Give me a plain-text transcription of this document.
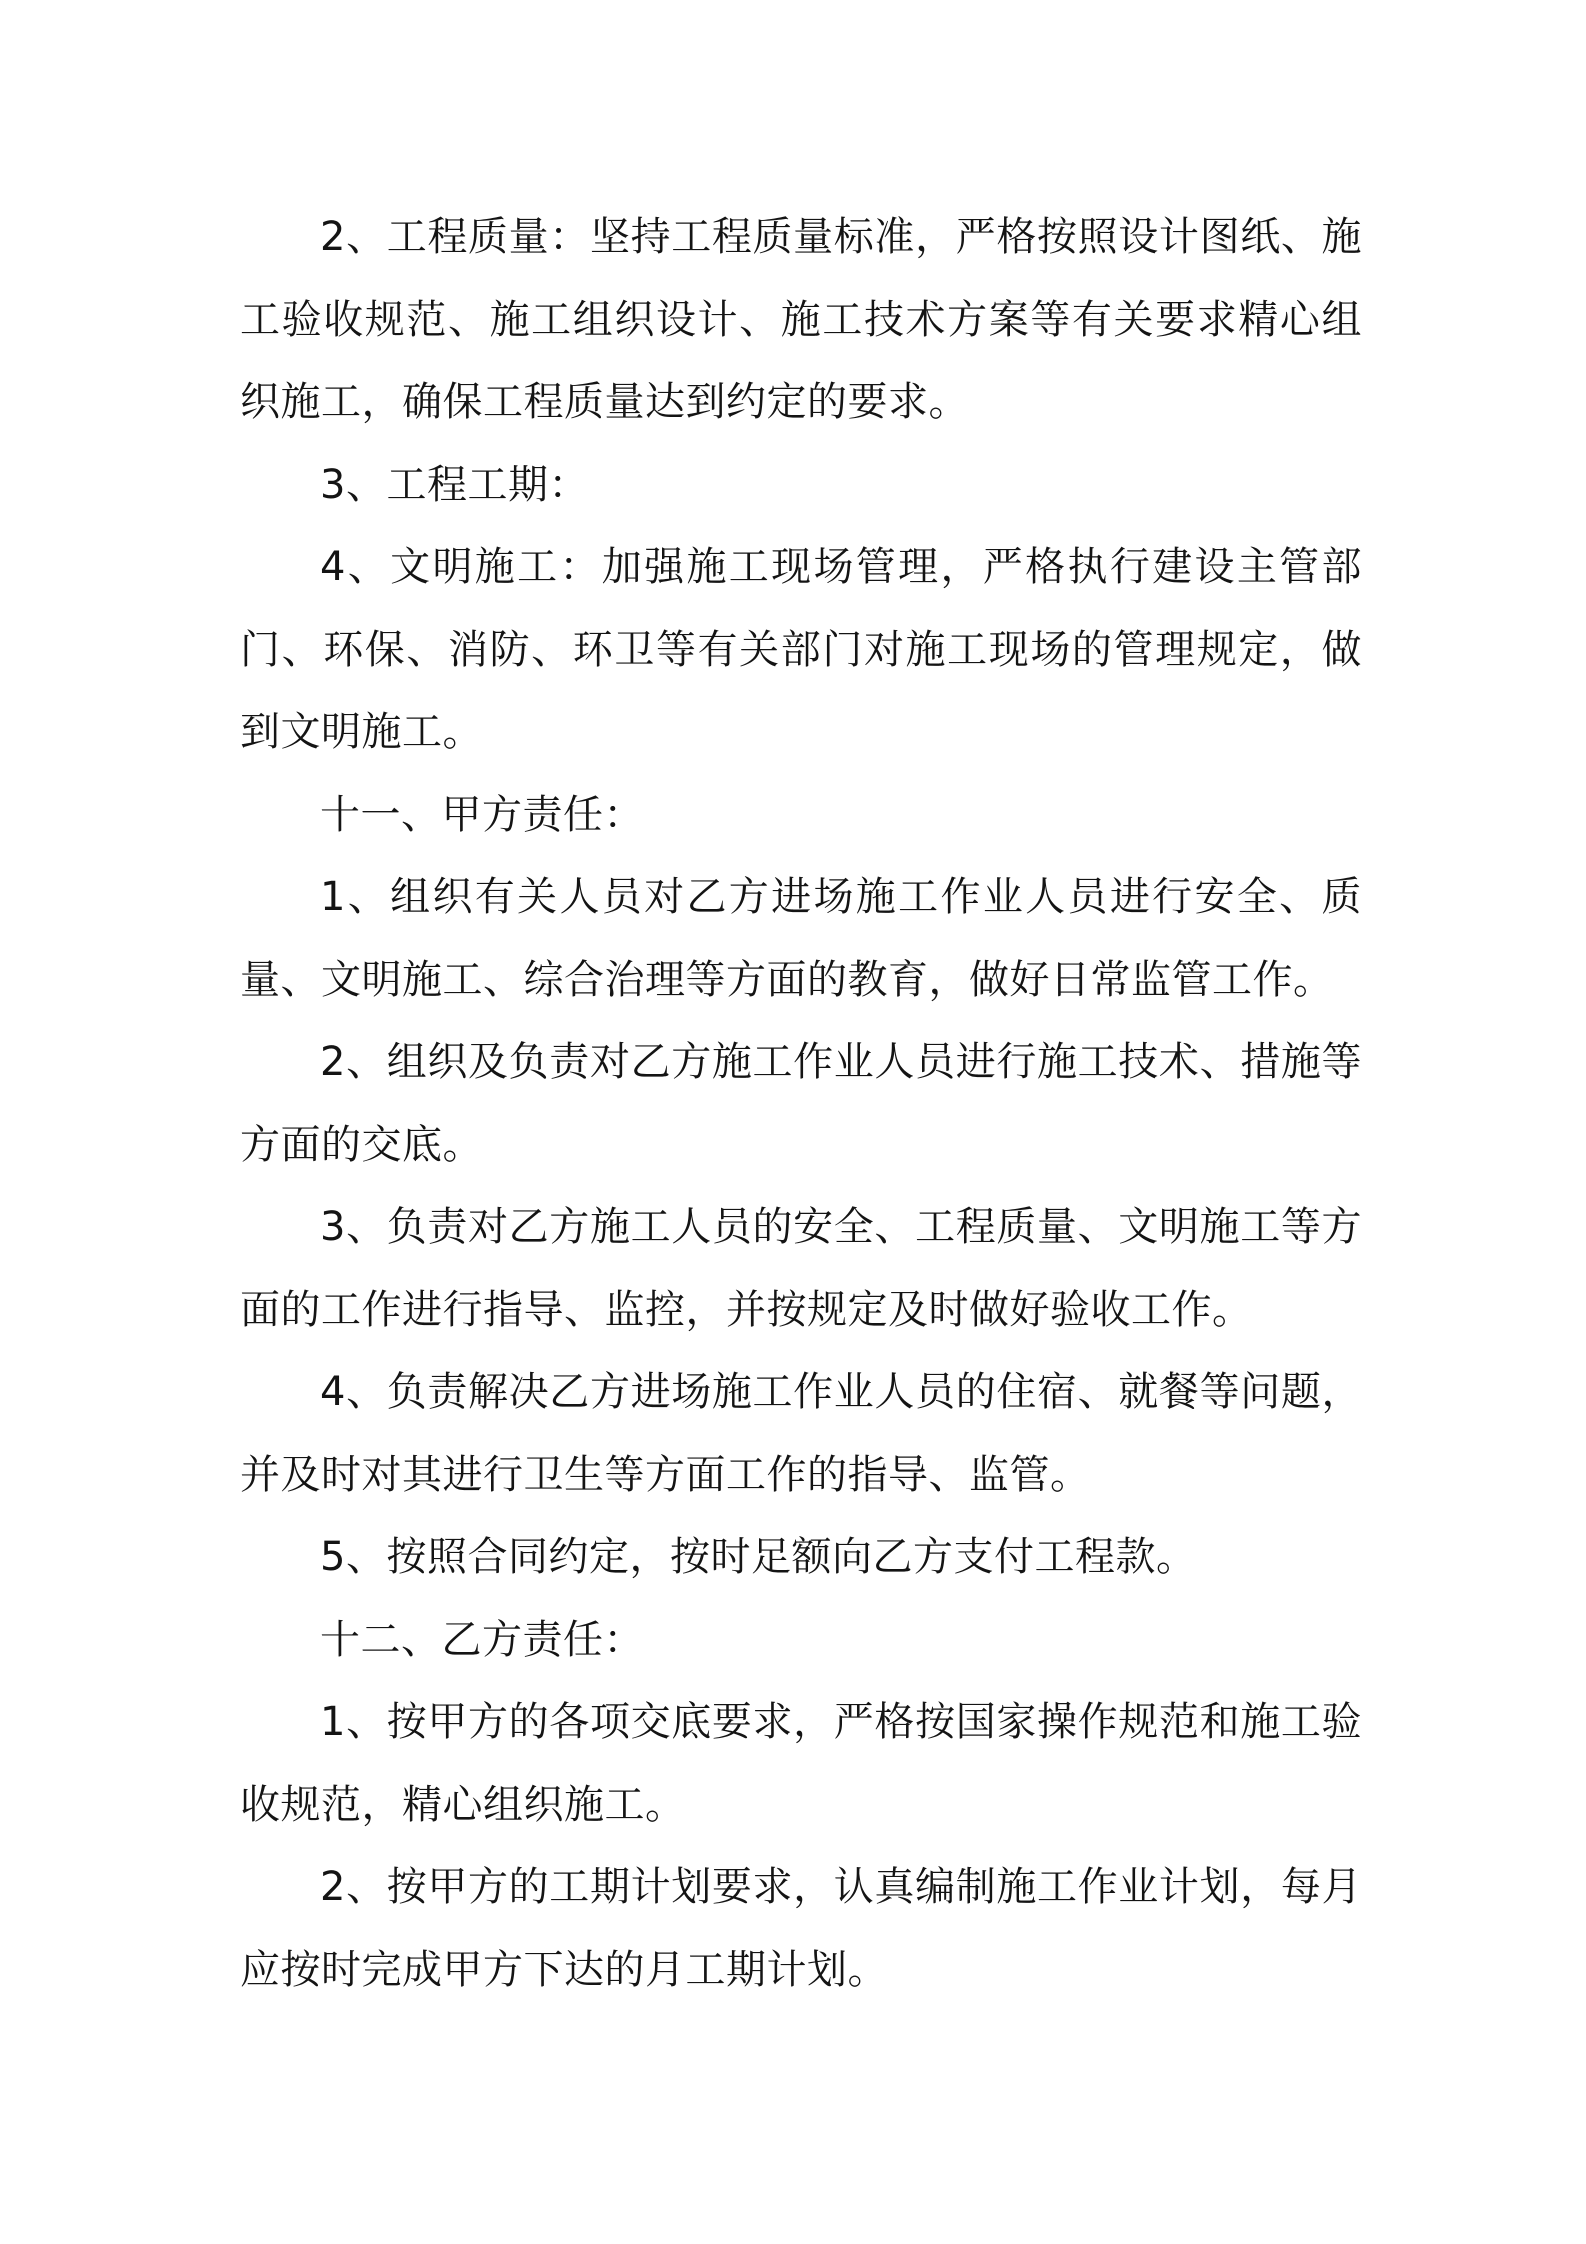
2、工程质量：坚持工程质量标准，严格按照设计图纸、施工验收规范、施工组织设计、施工技术方案等有关要求精心组织施工，确保工程质量达到约定的要求。

3、工程工期：

4、文明施工：加强施工现场管理，严格执行建设主管部门、环保、消防、环卫等有关部门对施工现场的管理规定，做到文明施工。

十一、甲方责任：

1、组织有关人员对乙方进场施工作业人员进行安全、质量、文明施工、综合治理等方面的教育，做好日常监管工作。

2、组织及负责对乙方施工作业人员进行施工技术、措施等方面的交底。

3、负责对乙方施工人员的安全、工程质量、文明施工等方面的工作进行指导、监控，并按规定及时做好验收工作。

4、负责解决乙方进场施工作业人员的住宿、就餐等问题，并及时对其进行卫生等方面工作的指导、监管。

5、按照合同约定，按时足额向乙方支付工程款。

十二、乙方责任：

1、按甲方的各项交底要求，严格按国家操作规范和施工验收规范，精心组织施工。

2、按甲方的工期计划要求，认真编制施工作业计划，每月应按时完成甲方下达的月工期计划。
